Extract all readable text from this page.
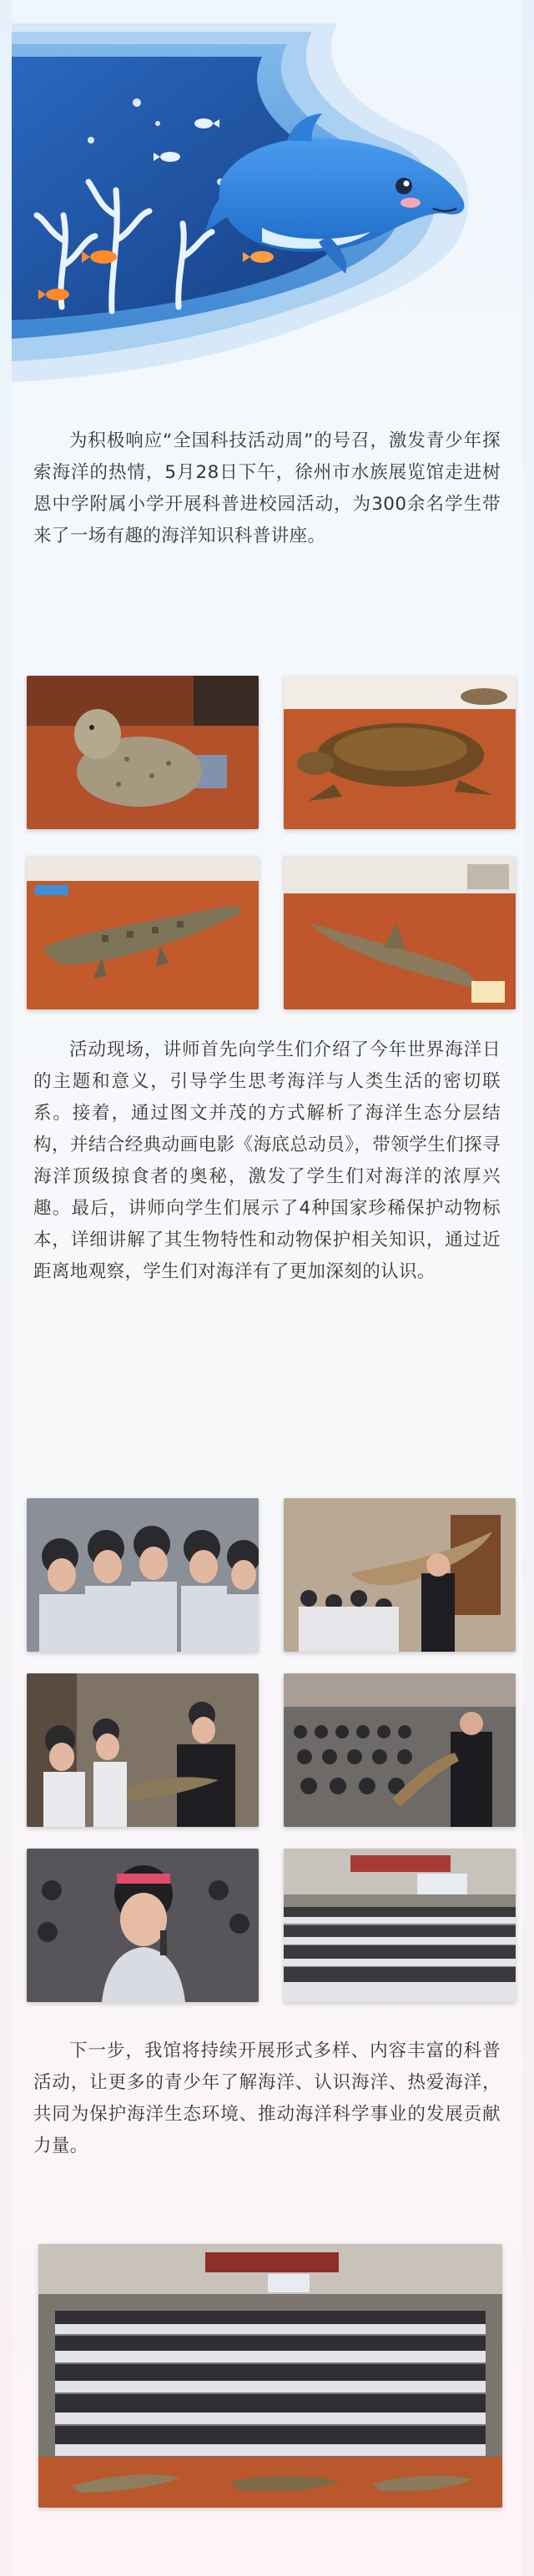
为积极响应“全国科技活动周”的号召，激发青少年探索海洋的热情，5月28日下午，徐州市水族展览馆走进树恩中学附属小学开展科普进校园活动，为300余名学生带来了一场有趣的海洋知识科普讲座。

活动现场，讲师首先向学生们介绍了今年世界海洋日的主题和意义，引导学生思考海洋与人类生活的密切联系。接着，通过图文并茂的方式解析了海洋生态分层结构，并结合经典动画电影《海底总动员》，带领学生们探寻海洋顶级掠食者的奥秘，激发了学生们对海洋的浓厚兴趣。最后，讲师向学生们展示了4种国家珍稀保护动物标本，详细讲解了其生物特性和动物保护相关知识，通过近距离地观察，学生们对海洋有了更加深刻的认识。

下一步，我馆将持续开展形式多样、内容丰富的科普活动，让更多的青少年了解海洋、认识海洋、热爱海洋，共同为保护海洋生态环境、推动海洋科学事业的发展贡献力量。
